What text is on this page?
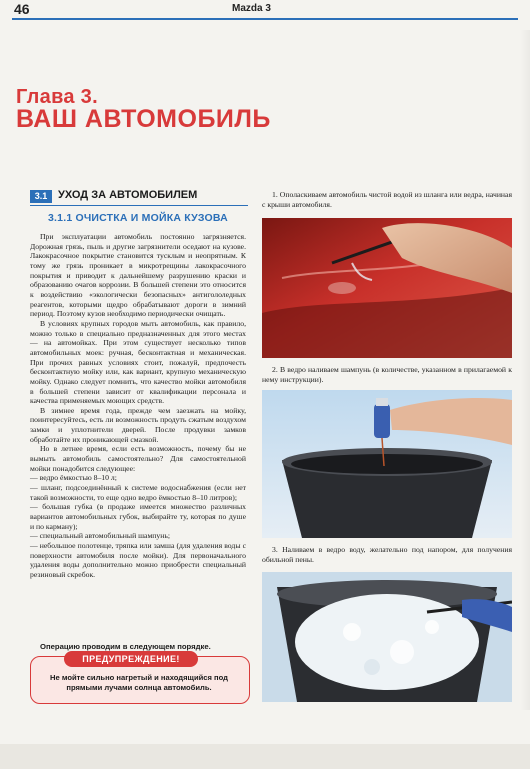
46	Mazda 3
Глава 3.
ВАШ АВТОМОБИЛЬ
3.1 УХОД ЗА АВТОМОБИЛЕМ
3.1.1 ОЧИСТКА И МОЙКА КУЗОВА

При эксплуатации автомобиль постоянно загрязняется. Дорожная грязь, пыль и другие загрязнители оседают на кузове. Лакокрасочное покрытие становится тусклым и неопрятным. К тому же грязь проникает в микротрещины лакокрасочного покрытия и приводит к дальнейшему разрушению краски и образованию очагов коррозии. В большей степени это относится к воздействию «экологически безопасных» антигололедных реагентов, которыми щедро обрабатывают дороги в зимний период. Поэтому кузов необходимо периодически очищать.

В условиях крупных городов мыть автомобиль, как правило, можно только в специально предназначенных для этого местах — на автомойках. При этом существует несколько типов автомобильных моек: ручная, бесконтактная и механическая. При прочих равных условиях стоит, пожалуй, предпочесть бесконтактную мойку или, как вариант, крупную механическую мойку. Однако следует помнить, что качество мойки автомобиля в большей степени зависит от квалификации персонала и качества применяемых моющих средств.

В зимнее время года, прежде чем заезжать на мойку, поинтересуйтесь, есть ли возможность продуть сжатым воздухом замки и уплотнители дверей. После продувки замков обработайте их проникающей смазкой.

Но в летнее время, если есть возможность, почему бы не вымыть автомобиль самостоятельно? Для самостоятельной мойки понадобится следующее:

— ведро ёмкостью 8–10 л;

— шланг, подсоединённый к системе водоснабжения (если нет такой возможности, то еще одно ведро ёмкостью 8–10 литров);

— большая губка (в продаже имеется множество различных вариантов автомобильных губок, выбирайте ту, которая по душе и по карману);

— специальный автомобильный шампунь;

— небольшое полотенце, тряпка или замша (для удаления воды с поверхности автомобиля после мойки). Для первоначального удаления воды дополнительно можно приобрести специальный резиновый скребок.

Операцию проводим в следующем порядке.
ПРЕДУПРЕЖДЕНИЕ!
Не мойте сильно нагретый и находящийся под прямыми лучами солнца автомобиль.
1. Ополаскиваем автомобиль чистой водой из шланга или ведра, начиная с крыши автомобиля.
2. В ведро наливаем шампунь (в количестве, указанном в прилагаемой к нему инструкции).
3. Наливаем в ведро воду, желательно под напором, для получения обильной пены.
